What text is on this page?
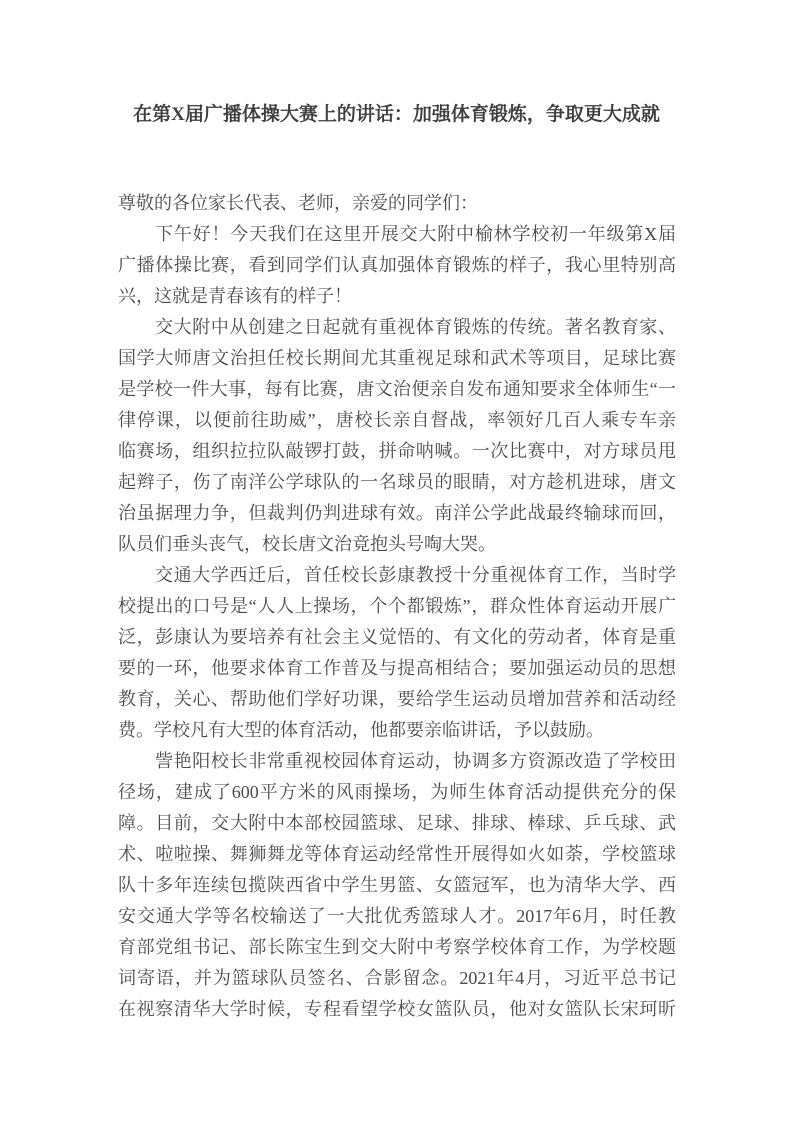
在第X届广播体操大赛上的讲话：加强体育锻炼，争取更大成就
尊敬的各位家长代表、老师，亲爱的同学们：
下午好！今天我们在这里开展交大附中榆林学校初一年级第X届
广播体操比赛，看到同学们认真加强体育锻炼的样子，我心里特别高
兴，这就是青春该有的样子！
交大附中从创建之日起就有重视体育锻炼的传统。著名教育家、
国学大师唐文治担任校长期间尤其重视足球和武术等项目，足球比赛
是学校一件大事，每有比赛，唐文治便亲自发布通知要求全体师生“一
律停课，以便前往助威”，唐校长亲自督战，率领好几百人乘专车亲
临赛场，组织拉拉队敲锣打鼓，拼命呐喊。一次比赛中，对方球员甩
起辫子，伤了南洋公学球队的一名球员的眼睛，对方趁机进球，唐文
治虽据理力争，但裁判仍判进球有效。南洋公学此战最终输球而回，
队员们垂头丧气，校长唐文治竟抱头号啕大哭。
交通大学西迁后，首任校长彭康教授十分重视体育工作，当时学
校提出的口号是“人人上操场，个个都锻炼”，群众性体育运动开展广
泛，彭康认为要培养有社会主义觉悟的、有文化的劳动者，体育是重
要的一环，他要求体育工作普及与提高相结合；要加强运动员的思想
教育，关心、帮助他们学好功课，要给学生运动员增加营养和活动经
费。学校凡有大型的体育活动，他都要亲临讲话，予以鼓励。
訾艳阳校长非常重视校园体育运动，协调多方资源改造了学校田
径场，建成了600平方米的风雨操场，为师生体育活动提供充分的保
障。目前，交大附中本部校园篮球、足球、排球、棒球、乒乓球、武
术、啦啦操、舞狮舞龙等体育运动经常性开展得如火如荼，学校篮球
队十多年连续包揽陕西省中学生男篮、女篮冠军，也为清华大学、西
安交通大学等名校输送了一大批优秀篮球人才。2017年6月，时任教
育部党组书记、部长陈宝生到交大附中考察学校体育工作，为学校题
词寄语，并为篮球队员签名、合影留念。2021年4月，习近平总书记
在视察清华大学时候，专程看望学校女篮队员，他对女篮队长宋珂昕
